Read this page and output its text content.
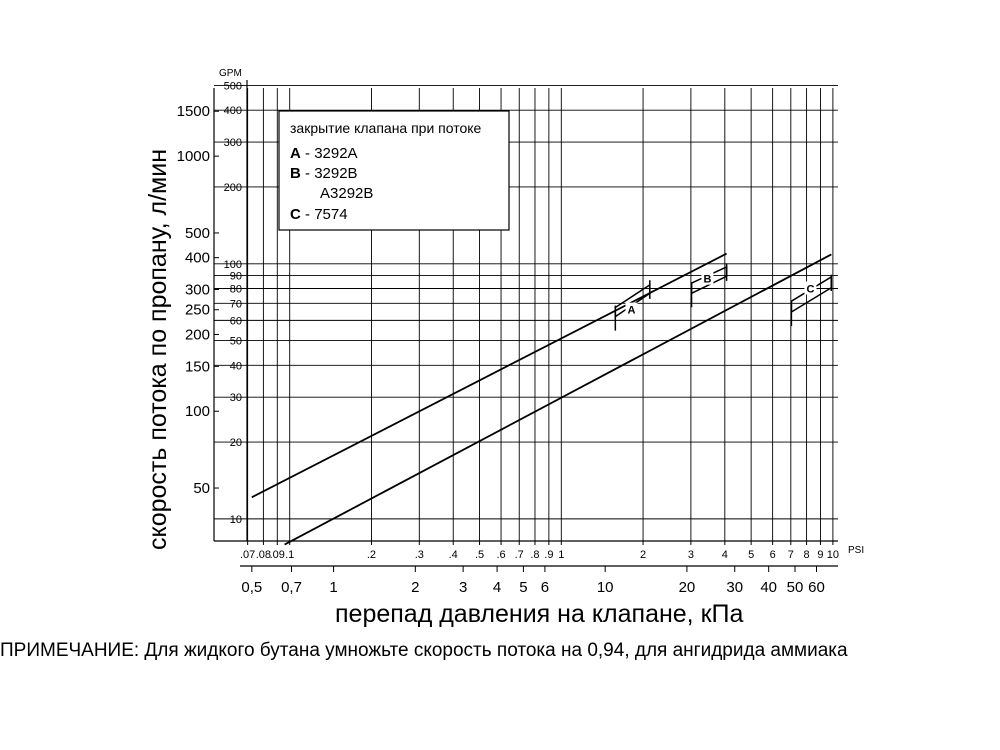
A
B
C
закрытие клапана при потоке
A - 3292A
B - 3292B
A3292B
C - 7574
GPM
PSI
перепад давления на клапане, кПа
скорость потока по пропану, л/мин
.07 .08
.09 .1	.2	.3 .4 .5 .6 .7 .8 .9 1	2	3	4 5 6 7 8 9 10
0,5 0,7 1	2	3 4 5 6	10	20 30 40 50 60
500
400
300
200
100
90
80
70
60
50
40
30
20
10
1500
1000
500
400
300
250
200
150
100
50
ПРИМЕЧАНИЕ: Для жидкого бутана умножьте скорость потока на 0,94, для ангидрида аммиака
